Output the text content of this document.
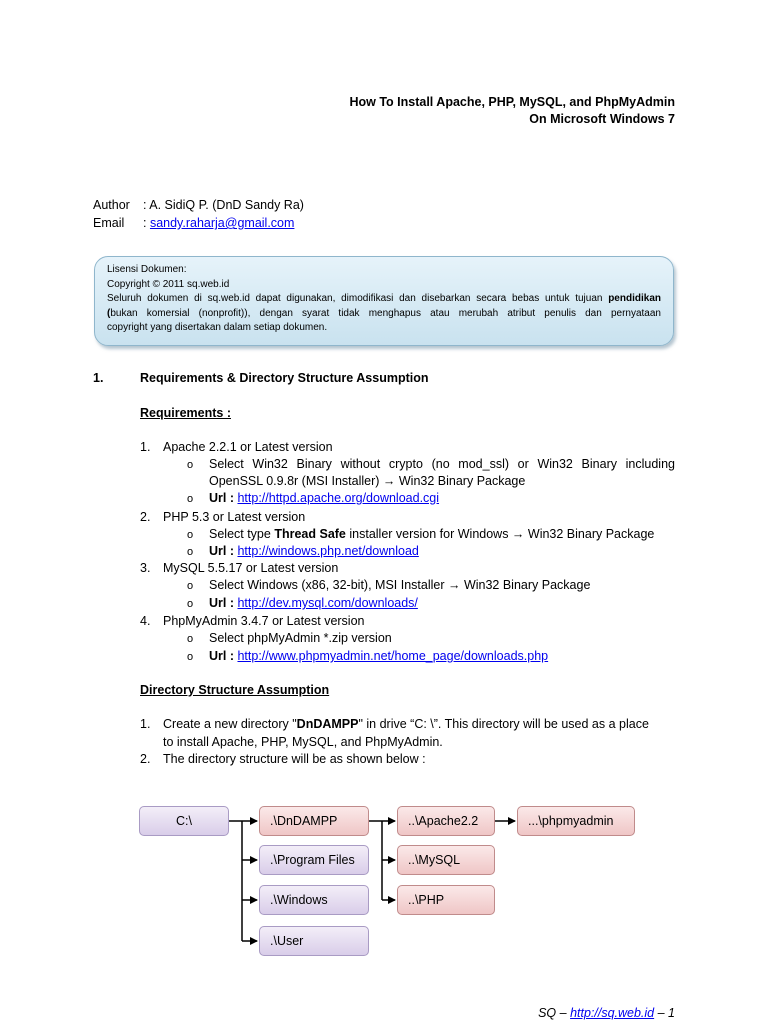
How To Install Apache, PHP, MySQL, and PhpMyAdmin
On Microsoft Windows 7
Author : A. SidiQ P. (DnD Sandy Ra)
Email : sandy.raharja@gmail.com
Lisensi Dokumen:
Copyright © 2011 sq.web.id
Seluruh dokumen di sq.web.id dapat digunakan, dimodifikasi dan disebarkan secara bebas untuk tujuan pendidikan
(bukan komersial (nonprofit)), dengan syarat tidak menghapus atau merubah atribut penulis dan pernyataan
copyright yang disertakan dalam setiap dokumen.
1.	Requirements & Directory Structure Assumption
Requirements :
1. Apache 2.2.1 or Latest version
o Select Win32 Binary without crypto (no mod_ssl) or Win32 Binary including
OpenSSL 0.9.8r (MSI Installer) → Win32 Binary Package
o Url : http://httpd.apache.org/download.cgi
2. PHP 5.3 or Latest version
o Select type Thread Safe installer version for Windows → Win32 Binary Package
o Url : http://windows.php.net/download
3. MySQL 5.5.17 or Latest version
o Select Windows (x86, 32-bit), MSI Installer → Win32 Binary Package
o Url : http://dev.mysql.com/downloads/
4. PhpMyAdmin 3.4.7 or Latest version
o Select phpMyAdmin *.zip version
o Url : http://www.phpmyadmin.net/home_page/downloads.php
Directory Structure Assumption
1. Create a new directory "DnDAMPP" in drive “C: \”. This directory will be used as a place
to install Apache, PHP, MySQL, and PhpMyAdmin.
2. The directory structure will be as shown below :
C:\	.\DnDAMPP
.\Program Files
.\Windows
.\User
..\Apache2.2
..\MySQL
..\PHP
...\phpmyadmin
SQ – http://sq.web.id – 1
